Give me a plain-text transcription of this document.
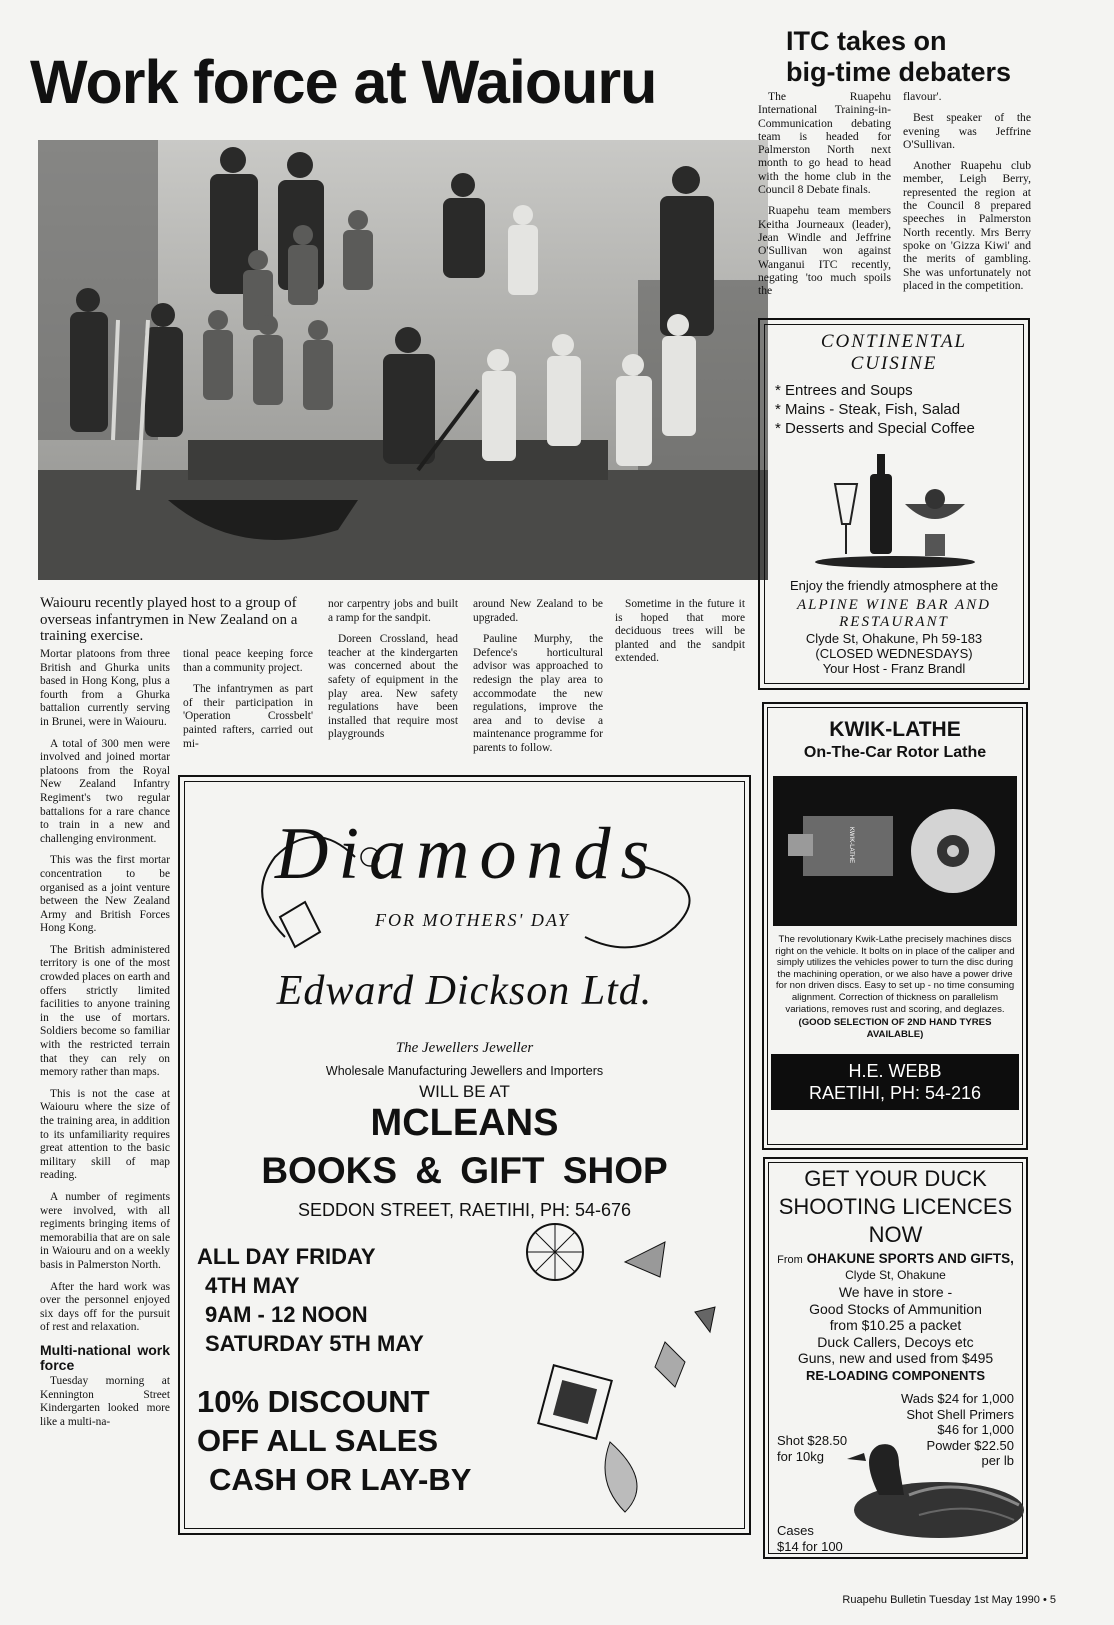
Work force at Waiouru
Waiouru recently played host to a group of overseas infantrymen in New Zealand on a training exercise.

Mortar platoons from three British and Ghurka units based in Hong Kong, plus a fourth from a Ghurka battalion currently serving in Brunei, were in Waiouru.

A total of 300 men were involved and joined mortar platoons from the Royal New Zealand Infantry Regiment's two regular battalions for a rare chance to train in a new and challenging environment.

This was the first mortar concentration to be organised as a joint venture between the New Zealand Army and British Forces Hong Kong.

The British administered territory is one of the most crowded places on earth and offers strictly limited facilities to anyone training in the use of mortars. Soldiers become so familiar with the restricted terrain that they can rely on memory rather than maps.

This is not the case at Waiouru where the size of the training area, in addition to its unfamiliarity requires great attention to the basic military skill of map reading.

A number of regiments were involved, with all regiments bringing items of memorabilia that are on sale in Waiouru and on a weekly basis in Palmerston North.

After the hard work was over the personnel enjoyed six days off for the pursuit of rest and relaxation.

Multi-national work force

Tuesday morning at Kennington Street Kindergarten looked more like a multi-na-

tional peace keeping force than a community project.

The infantrymen as part of their participation in 'Operation Crossbelt' painted rafters, carried out mi-

nor carpentry jobs and built a ramp for the sandpit.

Doreen Crossland, head teacher at the kindergarten was concerned about the safety of equipment in the play area. New safety regulations have been installed that require most playgrounds

around New Zealand to be upgraded.

Pauline Murphy, the Defence's horticultural advisor was approached to redesign the play area to accommodate the new regulations, improve the area and to devise a maintenance programme for parents to follow.

Sometime in the future it is hoped that more deciduous trees will be planted and the sandpit extended.

ITC takes on
big-time debaters

The Ruapehu International Training-in-Communication debating team is headed for Palmerston North next month to go head to head with the home club in the Council 8 Debate finals.

Ruapehu team members Keitha Journeaux (leader), Jean Windle and Jeffrine O'Sullivan won against Wanganui ITC recently, negating 'too much spoils the

flavour'.

Best speaker of the evening was Jeffrine O'Sullivan.

Another Ruapehu club member, Leigh Berry, represented the region at the Council 8 prepared speeches in Palmerston North recently. Mrs Berry spoke on 'Gizza Kiwi' and the merits of gambling. She was unfortunately not placed in the competition.

CONTINENTAL
CUISINE
* Entrees and Soups
* Mains - Steak, Fish, Salad
* Desserts and Special Coffee
Enjoy the friendly atmosphere at the
ALPINE WINE BAR AND
RESTAURANT
Clyde St, Ohakune, Ph 59-183
(CLOSED WEDNESDAYS)
Your Host - Franz Brandl
KWIK-LATHE
On-The-Car Rotor Lathe
KWIK-LATHE
The revolutionary Kwik-Lathe precisely machines discs right on the vehicle. It bolts on in place of the caliper and simply utilizes the vehicles power to turn the disc during the machining operation, or we also have a power drive for non driven discs. Easy to set up - no time consuming alignment. Correction of thickness on parallelism variations, removes rust and scoring, and deglazes.
(GOOD SELECTION OF 2ND HAND TYRES AVAILABLE)
H.E. WEBB
RAETIHI, PH: 54-216
Diamonds
FOR MOTHERS' DAY
Edward Dickson Ltd.
The Jewellers Jeweller
Wholesale Manufacturing Jewellers and Importers
WILL BE AT
MCLEANS
BOOKS & GIFT SHOP
SEDDON STREET, RAETIHI, PH: 54-676
ALL DAY FRIDAY
4TH MAY
9AM - 12 NOON
SATURDAY 5TH MAY
10% DISCOUNT
OFF ALL SALES
CASH OR LAY-BY
GET YOUR DUCK
SHOOTING LICENCES
NOW
From OHAKUNE SPORTS AND GIFTS,
Clyde St, Ohakune
We have in store -
Good Stocks of Ammunition
from $10.25 a packet
Duck Callers, Decoys etc
Guns, new and used from $495
RE-LOADING COMPONENTS
Wads $24 for 1,000
Shot Shell Primers
$46 for 1,000
Powder $22.50
per lb
Shot $28.50
for 10kg
Cases
$14 for 100
Ruapehu Bulletin Tuesday 1st May 1990 • 5
